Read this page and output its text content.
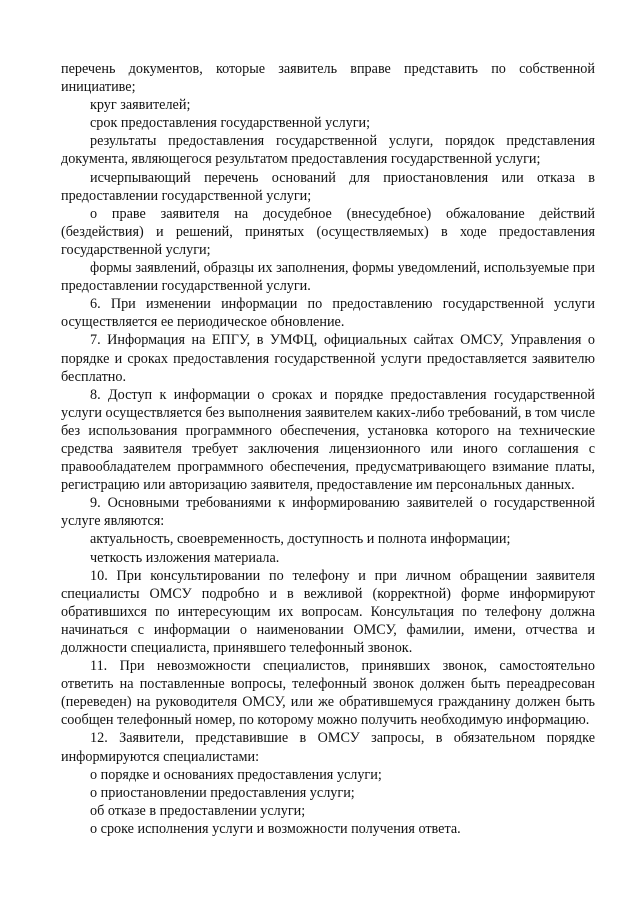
перечень документов, которые заявитель вправе представить по собственной инициативе;

круг заявителей;

срок предоставления государственной услуги;

результаты предоставления государственной услуги, порядок представления документа, являющегося результатом предоставления государственной услуги;

исчерпывающий перечень оснований для приостановления или отказа в предоставлении государственной услуги;

о праве заявителя на досудебное (внесудебное) обжалование действий (бездействия) и решений, принятых (осуществляемых) в ходе предоставления государственной услуги;

формы заявлений, образцы их заполнения, формы уведомлений, используемые при предоставлении государственной услуги.

6. При изменении информации по предоставлению государственной услуги осуществляется ее периодическое обновление.

7. Информация на ЕПГУ, в УМФЦ, официальных сайтах ОМСУ, Управления о порядке и сроках предоставления государственной услуги предоставляется заявителю бесплатно.

8. Доступ к информации о сроках и порядке предоставления государственной услуги осуществляется без выполнения заявителем каких-либо требований, в том числе без использования программного обеспечения, установка которого на технические средства заявителя требует заключения лицензионного или иного соглашения с правообладателем программного обеспечения, предусматривающего взимание платы, регистрацию или авторизацию заявителя, предоставление им персональных данных.

9. Основными требованиями к информированию заявителей о государственной услуге являются:

актуальность, своевременность, доступность и полнота информации;

четкость изложения материала.

10. При консультировании по телефону и при личном обращении заявителя специалисты ОМСУ подробно и в вежливой (корректной) форме информируют обратившихся по интересующим их вопросам. Консультация по телефону должна начинаться с информации о наименовании ОМСУ, фамилии, имени, отчества и должности специалиста, принявшего телефонный звонок.

11. При невозможности специалистов, принявших звонок, самостоятельно ответить на поставленные вопросы, телефонный звонок должен быть переадресован (переведен) на руководителя ОМСУ, или же обратившемуся гражданину должен быть сообщен телефонный номер, по которому можно получить необходимую информацию.

12. Заявители, представившие в ОМСУ запросы, в обязательном порядке информируются специалистами:

о порядке и основаниях предоставления услуги;

о приостановлении предоставления услуги;

об отказе в предоставлении услуги;

о сроке исполнения услуги и возможности получения ответа.
